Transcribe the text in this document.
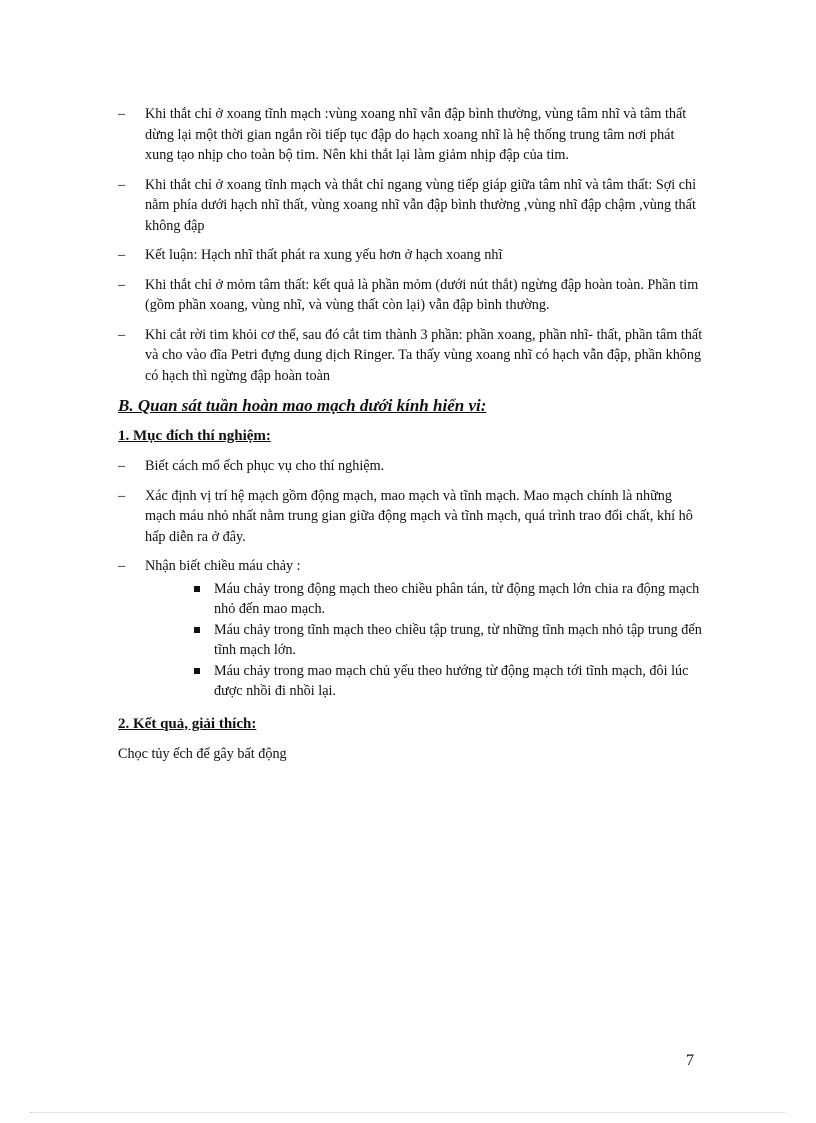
–	Khi thắt chỉ ở xoang tĩnh mạch :vùng xoang nhĩ vẫn đập bình thường, vùng tâm nhĩ và tâm thất dừng lại một thời gian ngắn rồi tiếp tục đập do hạch xoang nhĩ là hệ thống trung tâm nơi phát xung tạo nhịp cho toàn bộ tim. Nên khi thắt lại làm giảm nhịp đập của tim.
–	Khi thắt chỉ ở xoang tĩnh mạch và thắt chỉ ngang vùng tiếp giáp giữa tâm nhĩ và tâm thất: Sợi chỉ nằm phía dưới hạch nhĩ thất, vùng xoang nhĩ vẫn đập bình thường ,vùng nhĩ đập chậm ,vùng thất không đập
–	Kết luận: Hạch nhĩ thất phát ra xung yếu hơn ở hạch xoang nhĩ
–	Khi thắt chỉ ở mỏm tâm thất: kết quả là phần mỏm (dưới nút thắt) ngừng đập hoàn toàn. Phần tim (gồm phần xoang, vùng nhĩ, và vùng thất còn lại) vẫn đập bình thường.
–	Khi cắt rời tim khỏi cơ thể, sau đó cắt tim thành 3 phần: phần xoang, phần nhĩ- thất, phần tâm thất và cho vào đĩa Petri đựng dung dịch Ringer. Ta thấy vùng xoang nhĩ có hạch vẫn đập, phần không có hạch thì ngừng đập hoàn toàn
B. Quan sát tuần hoàn mao mạch dưới kính hiển vi:
1. Mục đích thí nghiệm:
–	Biết cách mổ ếch phục vụ cho thí nghiệm.
–	Xác định vị trí hệ mạch gồm động mạch, mao mạch và tĩnh mạch. Mao mạch chính là những mạch máu nhỏ nhất nằm trung gian giữa động mạch và tĩnh mạch, quá trình trao đổi chất, khí hô hấp diễn ra ở đây.
–	Nhận biết chiều máu chảy :
Máu chảy trong động mạch theo chiều phân tán, từ động mạch lớn chia ra động mạch nhỏ đến mao mạch.
Máu chảy trong tĩnh mạch theo chiều tập trung, từ những tĩnh mạch nhỏ tập trung đến tĩnh mạch lớn.
Máu chảy trong mao mạch chủ yếu theo hướng từ động mạch tới tĩnh mạch, đôi lúc được nhồi đi nhồi lại.
2. Kết quả, giải thích:
Chọc tủy ếch để gây bất động
7
